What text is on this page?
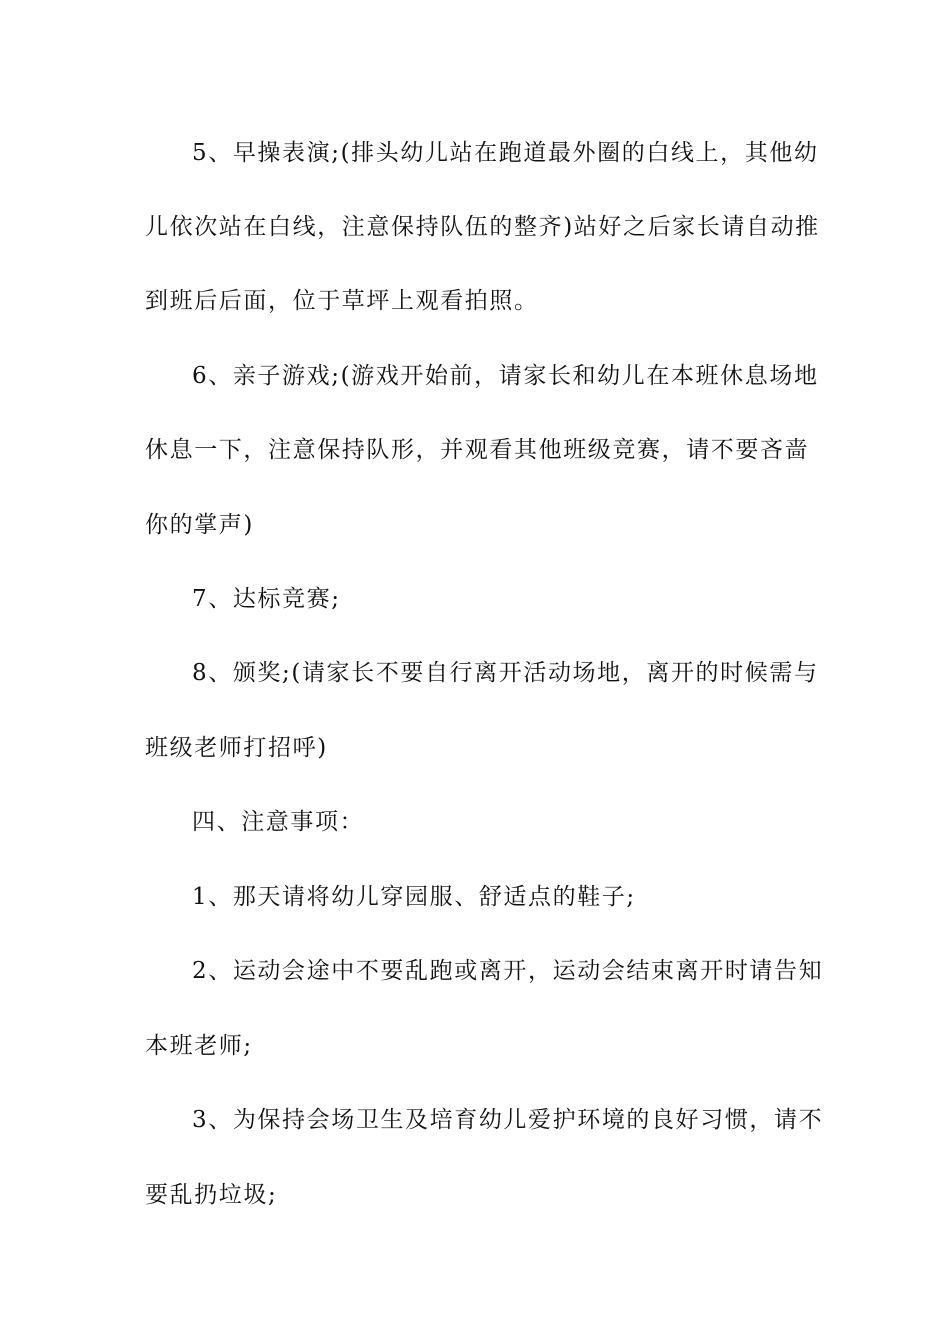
5、早操表演;(排头幼儿站在跑道最外圈的白线上，其他幼
儿依次站在白线，注意保持队伍的整齐)站好之后家长请自动推
到班后后面，位于草坪上观看拍照。
6、亲子游戏;(游戏开始前，请家长和幼儿在本班休息场地
休息一下，注意保持队形，并观看其他班级竞赛，请不要吝啬
你的掌声)
7、达标竞赛;
8、颁奖;(请家长不要自行离开活动场地，离开的时候需与
班级老师打招呼)
四、注意事项：
1、那天请将幼儿穿园服、舒适点的鞋子;
2、运动会途中不要乱跑或离开，运动会结束离开时请告知
本班老师;
3、为保持会场卫生及培育幼儿爱护环境的良好习惯，请不
要乱扔垃圾;
